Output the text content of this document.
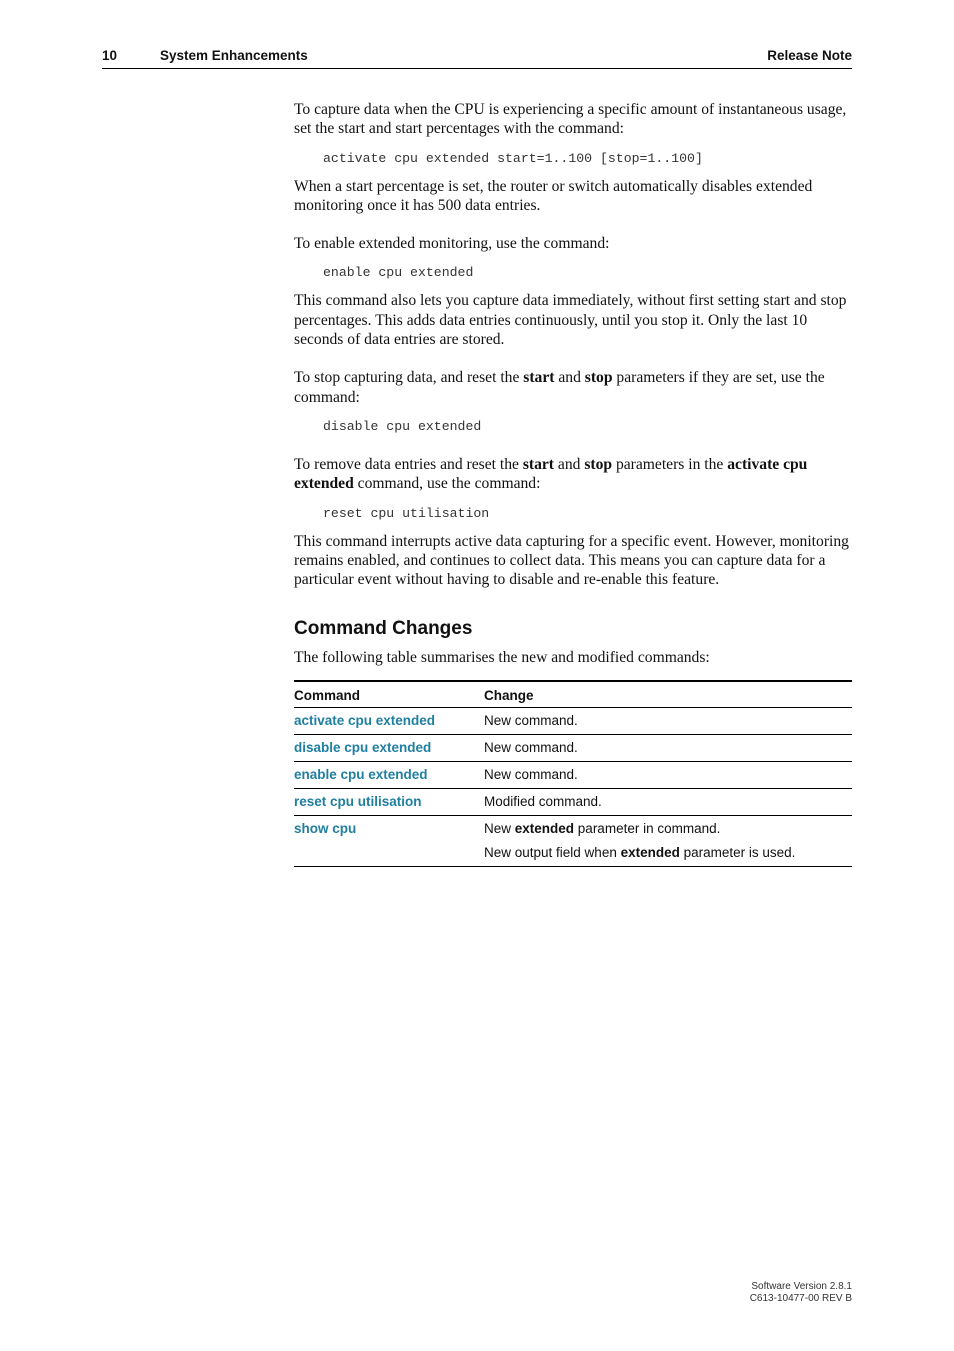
10	System Enhancements	Release Note

To capture data when the CPU is experiencing a specific amount of instantaneous usage, set the start and start percentages with the command:

activate cpu extended start=1..100 [stop=1..100]

When a start percentage is set, the router or switch automatically disables extended monitoring once it has 500 data entries.

To enable extended monitoring, use the command:

enable cpu extended

This command also lets you capture data immediately, without first setting start and stop percentages. This adds data entries continuously, until you stop it. Only the last 10 seconds of data entries are stored.

To stop capturing data, and reset the start and stop parameters if they are set, use the command:

disable cpu extended

To remove data entries and reset the start and stop parameters in the activate cpu extended command, use the command:

reset cpu utilisation

This command interrupts active data capturing for a specific event. However, monitoring remains enabled, and continues to collect data. This means you can capture data for a particular event without having to disable and re-enable this feature.

Command Changes

The following table summarises the new and modified commands:

Command	Change
activate cpu extended	New command.
disable cpu extended	New command.
enable cpu extended	New command.
reset cpu utilisation	Modified command.
show cpu	New extended parameter in command.
New output field when extended parameter is used.
Software Version 2.8.1
C613-10477-00 REV B
